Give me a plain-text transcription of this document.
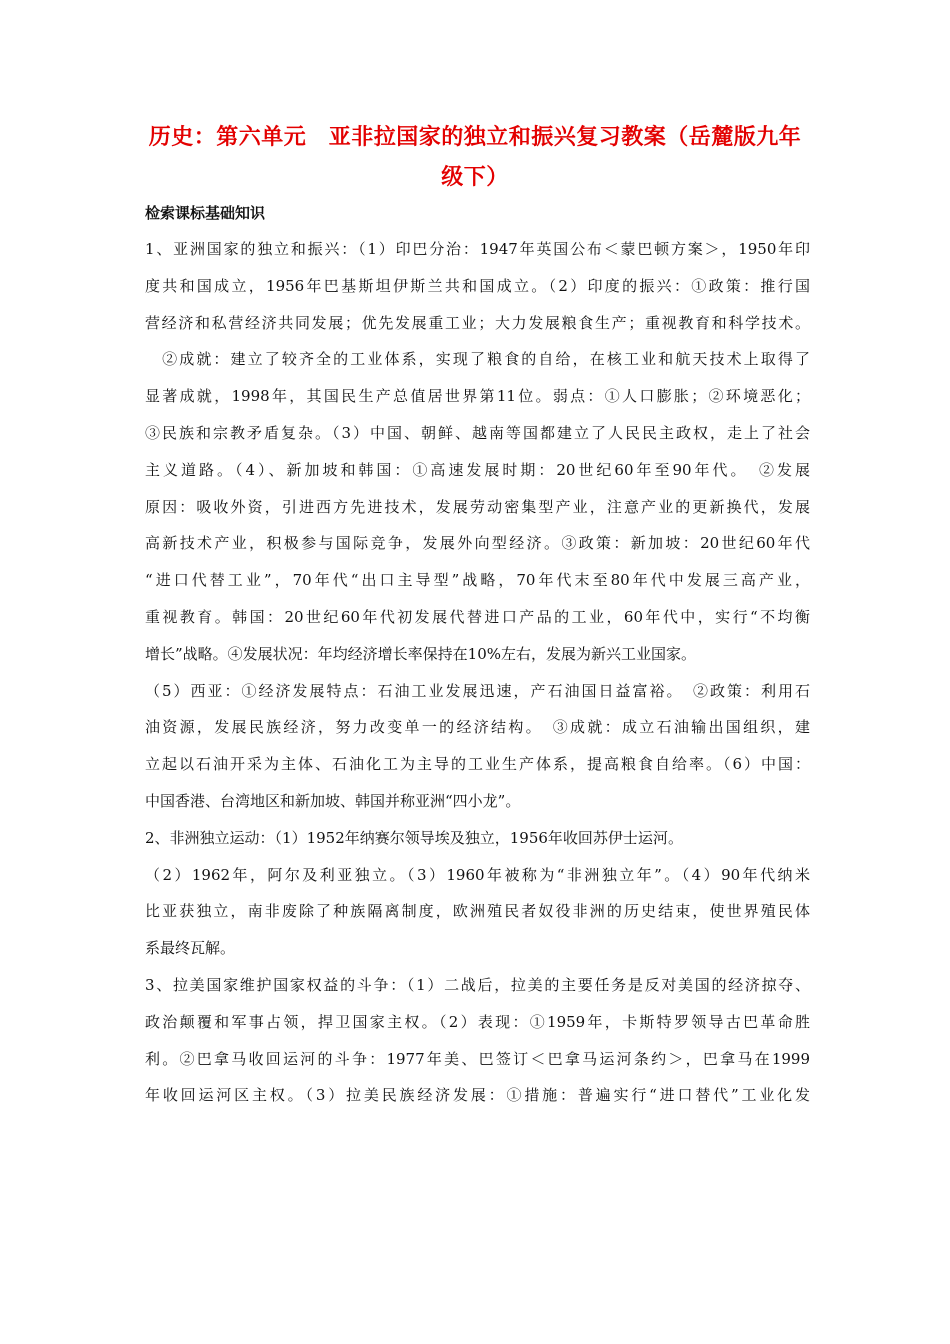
历史：第六单元　亚非拉国家的独立和振兴复习教案（岳麓版九年
级下）
检索课标基础知识
1、亚洲国家的独立和振兴：（1）印巴分治：1947年英国公布＜蒙巴顿方案＞，1950年印
度共和国成立，1956年巴基斯坦伊斯兰共和国成立。（2）印度的振兴：①政策：推行国
营经济和私营经济共同发展；优先发展重工业；大力发展粮食生产；重视教育和科学技术。
　②成就：建立了较齐全的工业体系，实现了粮食的自给，在核工业和航天技术上取得了
显著成就，1998年，其国民生产总值居世界第11位。弱点：①人口膨胀；②环境恶化；
③民族和宗教矛盾复杂。（3）中国、朝鲜、越南等国都建立了人民民主政权，走上了社会
主义道路。（4）、新加坡和韩国：①高速发展时期：20世纪60年至90年代。　②发展
原因：吸收外资，引进西方先进技术，发展劳动密集型产业，注意产业的更新换代，发展
高新技术产业，积极参与国际竞争，发展外向型经济。③政策：新加坡：20世纪60年代
“进口代替工业”，70年代“出口主导型”战略，70年代末至80年代中发展三高产业，
重视教育。韩国：20世纪60年代初发展代替进口产品的工业，60年代中，实行“不均衡
增长”战略。④发展状况：年均经济增长率保持在10%左右，发展为新兴工业国家。
（5）西亚：①经济发展特点：石油工业发展迅速，产石油国日益富裕。　②政策：利用石
油资源，发展民族经济，努力改变单一的经济结构。　③成就：成立石油输出国组织，建
立起以石油开采为主体、石油化工为主导的工业生产体系，提高粮食自给率。（6）中国：
中国香港、台湾地区和新加坡、韩国并称亚洲“四小龙”。
2、非洲独立运动：（1）1952年纳赛尔领导埃及独立，1956年收回苏伊士运河。
（2）1962年，阿尔及利亚独立。（3）1960年被称为“非洲独立年”。（4）90年代纳米
比亚获独立，南非废除了种族隔离制度，欧洲殖民者奴役非洲的历史结束，使世界殖民体
系最终瓦解。
3、拉美国家维护国家权益的斗争：（1）二战后，拉美的主要任务是反对美国的经济掠夺、
政治颠覆和军事占领，捍卫国家主权。（2）表现：①1959年，卡斯特罗领导古巴革命胜
利。②巴拿马收回运河的斗争：1977年美、巴签订＜巴拿马运河条约＞，巴拿马在1999
年收回运河区主权。（3）拉美民族经济发展：①措施：普遍实行“进口替代”工业化发
